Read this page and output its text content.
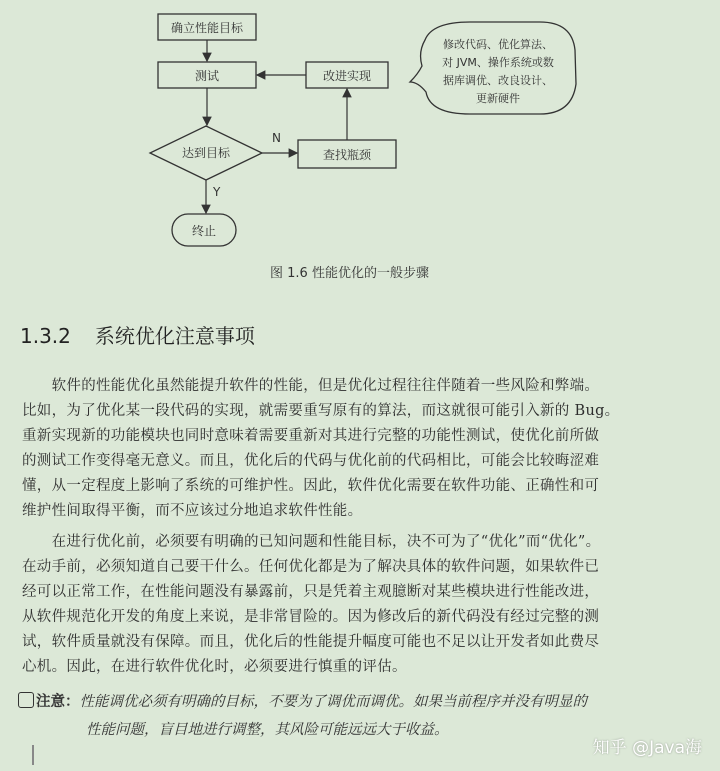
确立性能目标
测试	改进实现
达到目标	查找瓶颈
终止
修改代码、优化算法、
对 JVM、操作系统或数
据库调优、改良设计、
更新硬件
N
Y
图 1.6 性能优化的一般步骤
1.3.2 系统优化注意事项
　　软件的性能优化虽然能提升软件的性能，但是优化过程往往伴随着一些风险和弊端。
比如，为了优化某一段代码的实现，就需要重写原有的算法，而这就很可能引入新的 Bug。
重新实现新的功能模块也同时意味着需要重新对其进行完整的功能性测试，使优化前所做
的测试工作变得毫无意义。而且，优化后的代码与优化前的代码相比，可能会比较晦涩难
懂，从一定程度上影响了系统的可维护性。因此，软件优化需要在软件功能、正确性和可
维护性间取得平衡，而不应该过分地追求软件性能。
　　在进行优化前，必须要有明确的已知问题和性能目标，决不可为了“优化”而“优化”。
在动手前，必须知道自己要干什么。任何优化都是为了解决具体的软件问题，如果软件已
经可以正常工作，在性能问题没有暴露前，只是凭着主观臆断对某些模块进行性能改进，
从软件规范化开发的角度上来说，是非常冒险的。因为修改后的新代码没有经过完整的测
试，软件质量就没有保障。而且，优化后的性能提升幅度可能也不足以让开发者如此费尽
心机。因此，在进行软件优化时，必须要进行慎重的评估。
注意：性能调优必须有明确的目标，不要为了调优而调优。如果当前程序并没有明显的
性能问题，盲目地进行调整，其风险可能远远大于收益。
知乎 @Java海
